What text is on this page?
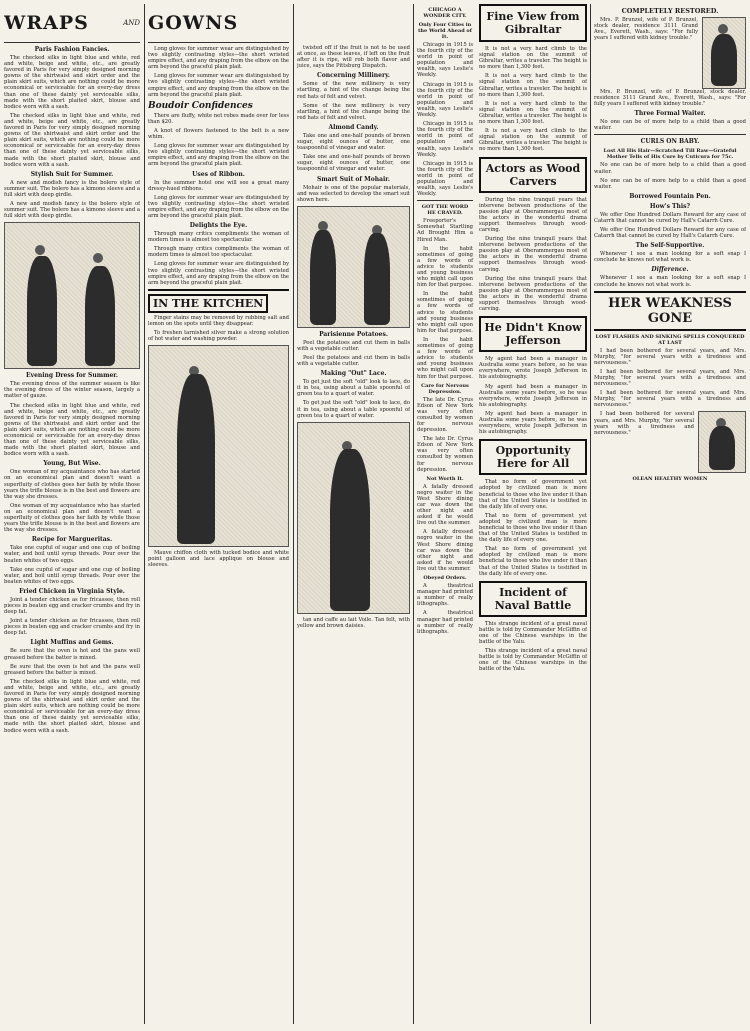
WRAPS	AND
Paris Fashion Fancies.

The checked silks in light blue and white, red and white, beige and white, etc., are greatly favored in Paris for very simply designed morning gowns of the shirtwaist and skirt order and the plain skirt suits, which are nothing could be more economical or serviceable for an every-day dress than one of these dainty yet serviceable silks, made with the short plaited skirt, blouse and bodice worn with a sash.

The checked silks in light blue and white, red and white, beige and white, etc., are greatly favored in Paris for very simply designed morning gowns of the shirtwaist and skirt order and the plain skirt suits, which are nothing could be more economical or serviceable for an every-day dress than one of these dainty yet serviceable silks, made with the short plaited skirt, blouse and bodice worn with a sash.

Stylish Suit for Summer.

A new and modish fancy is the bolero style of summer suit. The bolero has a kimono sleeve and a full skirt with deep girdle.

A new and modish fancy is the bolero style of summer suit. The bolero has a kimono sleeve and a full skirt with deep girdle.

Evening Dress for Summer.

The evening dress of the summer season is like the evening dress of the winter season, largely a matter of gauze.

The checked silks in light blue and white, red and white, beige and white, etc., are greatly favored in Paris for very simply designed morning gowns of the shirtwaist and skirt order and the plain skirt suits, which are nothing could be more economical or serviceable for an every-day dress than one of these dainty yet serviceable silks, made with the short plaited skirt, blouse and bodice worn with a sash.

Young, But Wise.

One woman of my acquaintance who has started on an economical plan and doesn't want a superfluity of clothes goes her faith by while those years the trifle blouse is in the best and flowers are the way she dresses.

One woman of my acquaintance who has started on an economical plan and doesn't want a superfluity of clothes goes her faith by while those years the trifle blouse is in the best and flowers are the way she dresses.

Recipe for Margueritas.

Take one cupful of sugar and one cup of boiling water, and boil until syrup threads. Pour over the beaten whites of two eggs.

Take one cupful of sugar and one cup of boiling water, and boil until syrup threads. Pour over the beaten whites of two eggs.

Fried Chicken in Virginia Style.

Joint a tender chicken as for fricassee, then roll pieces in beaten egg and cracker crumbs and fry in deep fat.

Joint a tender chicken as for fricassee, then roll pieces in beaten egg and cracker crumbs and fry in deep fat.

Light Muffins and Gems.

Be sure that the oven is hot and the pans well greased before the batter is mixed.

Be sure that the oven is hot and the pans well greased before the batter is mixed.

The checked silks in light blue and white, red and white, beige and white, etc., are greatly favored in Paris for very simply designed morning gowns of the shirtwaist and skirt order and the plain skirt suits, which are nothing could be more economical or serviceable for an every-day dress than one of these dainty yet serviceable silks, made with the short plaited skirt, blouse and bodice worn with a sash.

GOWNS

Long gloves for summer wear are distinguished by two slightly contrasting styles—the short wristed empire effect, and any draping from the elbow on the arm beyond the graceful plain plait.

Long gloves for summer wear are distinguished by two slightly contrasting styles—the short wristed empire effect, and any draping from the elbow on the arm beyond the graceful plain plait.

Boudoir Confidences

There are fluffy, white net robes made over for less than $20.

A knot of flowers fastened to the belt is a new whim.

Long gloves for summer wear are distinguished by two slightly contrasting styles—the short wristed empire effect, and any draping from the elbow on the arm beyond the graceful plain plait.

Uses of Ribbon.

In the summer hotel one will see a great many dressy-hued ribbons.

Long gloves for summer wear are distinguished by two slightly contrasting styles—the short wristed empire effect, and any draping from the elbow on the arm beyond the graceful plain plait.

Delights the Eye.

Through many critics compliments the woman of modern times is almost too spectacular.

Through many critics compliments the woman of modern times is almost too spectacular.

Long gloves for summer wear are distinguished by two slightly contrasting styles—the short wristed empire effect, and any draping from the elbow on the arm beyond the graceful plain plait.

IN THE KITCHEN

Finger stains may be removed by rubbing salt and lemon on the spots until they disappear.

To freshen tarnished silver make a strong solution of hot water and washing powder.

Mauve chiffon cloth with tucked bodice and white point galloon and lace applique on blouse and sleeves.

twisted off if the fruit is not to be used at once, as these leaves, if left on the fruit after it is ripe, will rob both flavor and juice, says the Pittsburg Dispatch.

Concerning Millinery.

Some of the new millinery is very startling, a hint of the change being the red hats of felt and velvet.

Some of the new millinery is very startling, a hint of the change being the red hats of felt and velvet.

Almond Candy.

Take one and one-half pounds of brown sugar, eight ounces of butter, one teaspoonful of vinegar and water.

Take one and one-half pounds of brown sugar, eight ounces of butter, one teaspoonful of vinegar and water.

Smart Suit of Mohair.

Mohair is one of the popular materials, and was selected to develop the smart suit shown here.

Parisienne Potatoes.

Peel the potatoes and cut them in balls with a vegetable cutter.

Peel the potatoes and cut them in balls with a vegetable cutter.

Making "Out" Lace.

To get just the soft "old" look to lace, do it in tea, using about a table spoonful of green tea to a quart of water.

To get just the soft "old" look to lace, do it in tea, using about a table spoonful of green tea to a quart of water.

tan and caffe au lait Voile. Tan felt, with yellow and brown daisies.

CHICAGO A WONDER CITY.
Only Four Cities in the World Ahead of It.

Chicago in 1915 is the fourth city of the world in point of population and wealth, says Leslie's Weekly.

Chicago in 1915 is the fourth city of the world in point of population and wealth, says Leslie's Weekly.

Chicago in 1915 is the fourth city of the world in point of population and wealth, says Leslie's Weekly.

Chicago in 1915 is the fourth city of the world in point of population and wealth, says Leslie's Weekly.

GOT THE WORD HE CRAVED.

Freeporter's Somewhat Startling Ad Brought Him a Hired Man.

In the habit sometimes of going a few words of advice to students and young business who might call upon him for that purpose.

In the habit sometimes of going a few words of advice to students and young business who might call upon him for that purpose.

In the habit sometimes of going a few words of advice to students and young business who might call upon him for that purpose.

Care for Nervous Depression.

The late Dr. Cyrus Edson of New York was very often consulted by women for nervous depression.

The late Dr. Cyrus Edson of New York was very often consulted by women for nervous depression.

Not Worth It.

A fatally dressed negro waiter in the West Shore dining car was down the other night and asked if he would live out the summer.

A fatally dressed negro waiter in the West Shore dining car was down the other night and asked if he would live out the summer.

Obeyed Orders.

A theatrical manager had printed a number of really lithographs.

A theatrical manager had printed a number of really lithographs.

Fine View from Gibraltar

It is not a very hard climb to the signal station on the summit of Gibraltar, writes a traveler. The height is no more than 1,300 feet.

It is not a very hard climb to the signal station on the summit of Gibraltar, writes a traveler. The height is no more than 1,300 feet.

It is not a very hard climb to the signal station on the summit of Gibraltar, writes a traveler. The height is no more than 1,300 feet.

It is not a very hard climb to the signal station on the summit of Gibraltar, writes a traveler. The height is no more than 1,300 feet.

Actors as Wood Carvers

During the nine tranquil years that intervene between productions of the passion play at Oberammergau most of the actors in the wonderful drama support themselves through wood-carving.

During the nine tranquil years that intervene between productions of the passion play at Oberammergau most of the actors in the wonderful drama support themselves through wood-carving.

During the nine tranquil years that intervene between productions of the passion play at Oberammergau most of the actors in the wonderful drama support themselves through wood-carving.

He Didn't Know Jefferson

My agent had been a manager in Australia some years before, so he was everywhere, wrote Joseph Jefferson in his autobiography.

My agent had been a manager in Australia some years before, so he was everywhere, wrote Joseph Jefferson in his autobiography.

My agent had been a manager in Australia some years before, so he was everywhere, wrote Joseph Jefferson in his autobiography.

Opportunity Here for All

That no form of government yet adopted by civilized man is more beneficial to those who live under it than that of the United States is testified in the daily life of every one.

That no form of government yet adopted by civilized man is more beneficial to those who live under it than that of the United States is testified in the daily life of every one.

That no form of government yet adopted by civilized man is more beneficial to those who live under it than that of the United States is testified in the daily life of every one.

Incident of Naval Battle

This strange incident of a great naval battle is told by Commander McGiffin of one of the Chinese warships in the battle of the Yalu.

This strange incident of a great naval battle is told by Commander McGiffin of one of the Chinese warships in the battle of the Yalu.

COMPLETELY RESTORED.

Mrs. P. Brunzel, wife of P. Brunzel, stock dealer, residence 3111 Grand Ave., Everett, Wash., says: "For fully years I suffered with kidney trouble."

Mrs. P. Brunzel, wife of P. Brunzel, stock dealer, residence 3111 Grand Ave., Everett, Wash., says: "For fully years I suffered with kidney trouble."

Three Formal Waiter.

No one can be of more help to a child than a good waiter.

CURLS ON BABY.
Lost All His Hair—Scratched Till Raw—Grateful Mother Tells of His Cure by Cuticura for 75c.

No one can be of more help to a child than a good waiter.

No one can be of more help to a child than a good waiter.

Borrowed Fountain Pen.
How's This?

We offer One Hundred Dollars Reward for any case of Catarrh that cannot be cured by Hall's Catarrh Cure.

We offer One Hundred Dollars Reward for any case of Catarrh that cannot be cured by Hall's Catarrh Cure.

The Self-Supportive.

Whenever I see a man looking for a soft snap I conclude he knows not what work is.

Difference.

Whenever I see a man looking for a soft snap I conclude he knows not what work is.

HER WEAKNESS GONE
LOST FLASHES AND SINKING SPELLS CONQUERED AT LAST

I had been bothered for several years, and Mrs. Murphy, "for several years with a tiredness and nervousness."

I had been bothered for several years, and Mrs. Murphy, "for several years with a tiredness and nervousness."

I had been bothered for several years, and Mrs. Murphy, "for several years with a tiredness and nervousness."

I had been bothered for several years, and Mrs. Murphy, "for several years with a tiredness and nervousness."

OLEAN HEALTHY WOMEN
